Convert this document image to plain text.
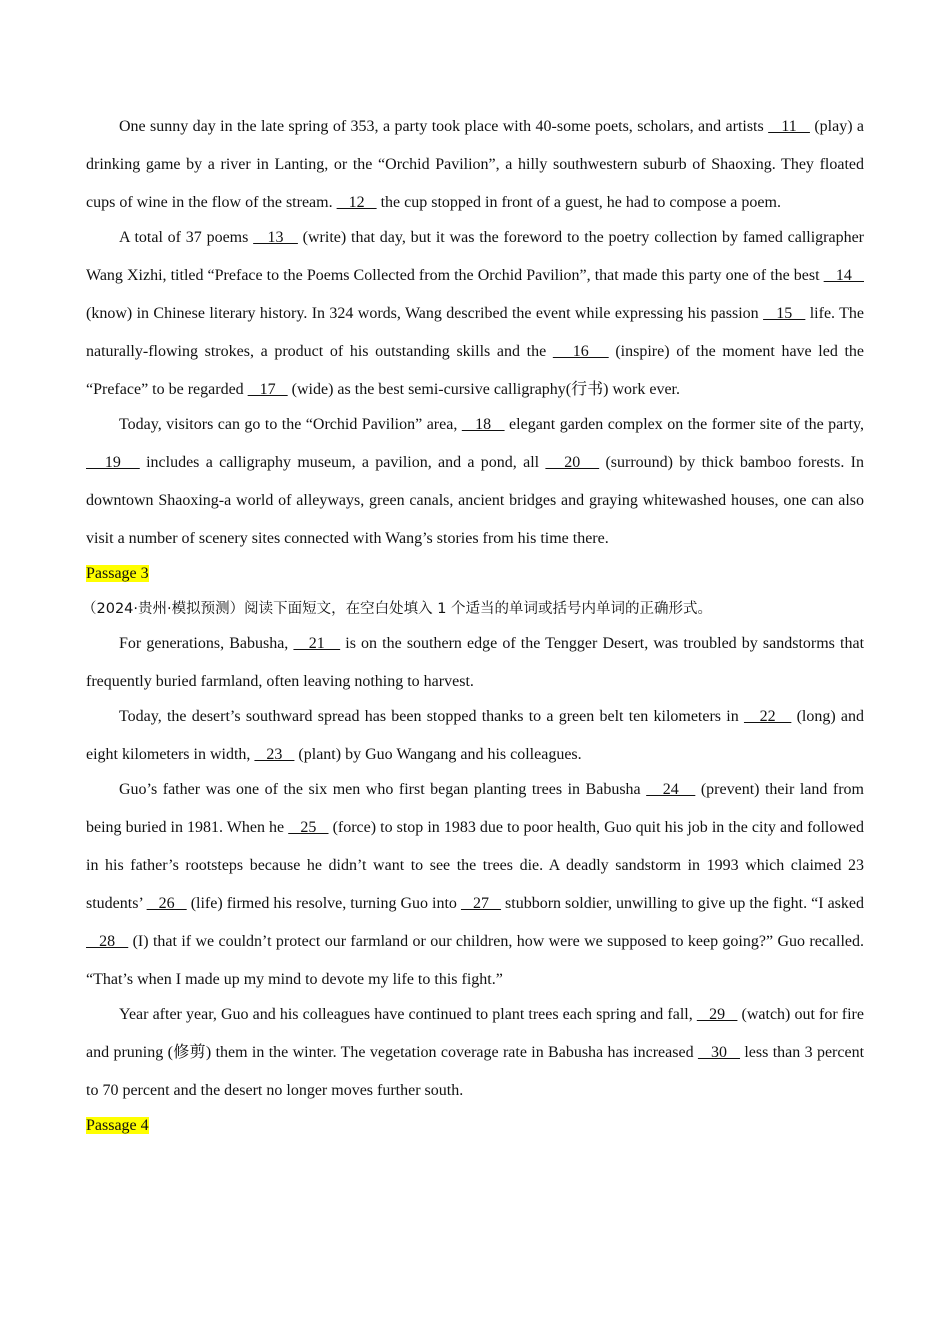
One sunny day in the late spring of 353, a party took place with 40-some poets, scholars, and artists    11    (play) a drinking game by a river in Lanting, or the “Orchid Pavilion”, a hilly southwestern suburb of Shaoxing. They floated cups of wine in the flow of the stream.    12    the cup stopped in front of a guest, he had to compose a poem.

A total of 37 poems    13    (write) that day, but it was the foreword to the poetry collection by famed calligrapher Wang Xizhi, titled “Preface to the Poems Collected from the Orchid Pavilion”, that made this party one of the best    14    (know) in Chinese literary history. In 324 words, Wang described the event while expressing his passion    15    life. The naturally-flowing strokes, a product of his outstanding skills and the    16    (inspire) of the moment have led the “Preface” to be regarded    17    (wide) as the best semi-cursive calligraphy(行书) work ever.

Today, visitors can go to the “Orchid Pavilion” area,    18    elegant garden complex on the former site of the party,    19    includes a calligraphy museum, a pavilion, and a pond, all    20    (surround) by thick bamboo forests. In downtown Shaoxing-a world of alleyways, green canals, ancient bridges and graying whitewashed houses, one can also visit a number of scenery sites connected with Wang’s stories from his time there.

Passage 3
（2024·贵州·模拟预测）阅读下面短文，在空白处填入 1 个适当的单词或括号内单词的正确形式。

For generations, Babusha,    21    is on the southern edge of the Tengger Desert, was troubled by sandstorms that frequently buried farmland, often leaving nothing to harvest.

Today, the desert’s southward spread has been stopped thanks to a green belt ten kilometers in    22    (long) and eight kilometers in width,    23    (plant) by Guo Wangang and his colleagues.

Guo’s father was one of the six men who first began planting trees in Babusha    24    (prevent) their land from being buried in 1981. When he    25    (force) to stop in 1983 due to poor health, Guo quit his job in the city and followed in his father’s rootsteps because he didn’t want to see the trees die. A deadly sandstorm in 1993 which claimed 23 students’    26    (life) firmed his resolve, turning Guo into    27    stubborn soldier, unwilling to give up the fight. “I asked    28    (I) that if we couldn’t protect our farmland or our children, how were we supposed to keep going?” Guo recalled. “That’s when I made up my mind to devote my life to this fight.”

Year after year, Guo and his colleagues have continued to plant trees each spring and fall,    29    (watch) out for fire and pruning (修剪) them in the winter. The vegetation coverage rate in Babusha has increased    30    less than 3 percent to 70 percent and the desert no longer moves further south.

Passage 4
